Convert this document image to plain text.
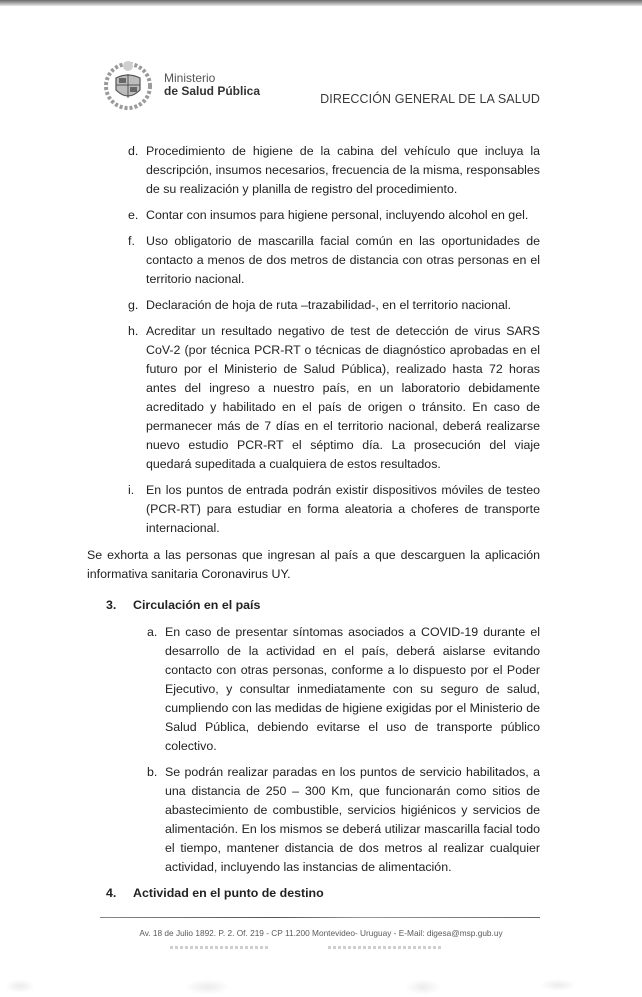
Ministerio
de Salud Pública
DIRECCIÓN GENERAL DE LA SALUD
d. Procedimiento de higiene de la cabina del vehículo que incluya la descripción, insumos necesarios, frecuencia de la misma, responsables de su realización y planilla de registro del procedimiento.
e. Contar con insumos para higiene personal, incluyendo alcohol en gel.
f. Uso obligatorio de mascarilla facial común en las oportunidades de contacto a menos de dos metros de distancia con otras personas en el territorio nacional.
g. Declaración de hoja de ruta –trazabilidad-, en el territorio nacional.
h. Acreditar un resultado negativo de test de detección de virus SARS CoV-2 (por técnica PCR-RT o técnicas de diagnóstico aprobadas en el futuro por el Ministerio de Salud Pública), realizado hasta 72 horas antes del ingreso a nuestro país, en un laboratorio debidamente acreditado y habilitado en el país de origen o tránsito. En caso de permanecer más de 7 días en el territorio nacional, deberá realizarse nuevo estudio PCR-RT el séptimo día. La prosecución del viaje quedará supeditada a cualquiera de estos resultados.
i. En los puntos de entrada podrán existir dispositivos móviles de testeo (PCR-RT) para estudiar en forma aleatoria a choferes de transporte internacional.
Se exhorta a las personas que ingresan al país a que descarguen la aplicación informativa sanitaria Coronavirus UY.
3. Circulación en el país
a. En caso de presentar síntomas asociados a COVID-19 durante el desarrollo de la actividad en el país, deberá aislarse evitando contacto con otras personas, conforme a lo dispuesto por el Poder Ejecutivo, y consultar inmediatamente con su seguro de salud, cumpliendo con las medidas de higiene exigidas por el Ministerio de Salud Pública, debiendo evitarse el uso de transporte público colectivo.
b. Se podrán realizar paradas en los puntos de servicio habilitados, a una distancia de 250 – 300 Km, que funcionarán como sitios de abastecimiento de combustible, servicios higiénicos y servicios de alimentación. En los mismos se deberá utilizar mascarilla facial todo el tiempo, mantener distancia de dos metros al realizar cualquier actividad, incluyendo las instancias de alimentación.
4. Actividad en el punto de destino
Av. 18 de Julio 1892. P. 2. Of. 219 - CP 11.200 Montevideo- Uruguay - E-Mail: digesa@msp.gub.uy
